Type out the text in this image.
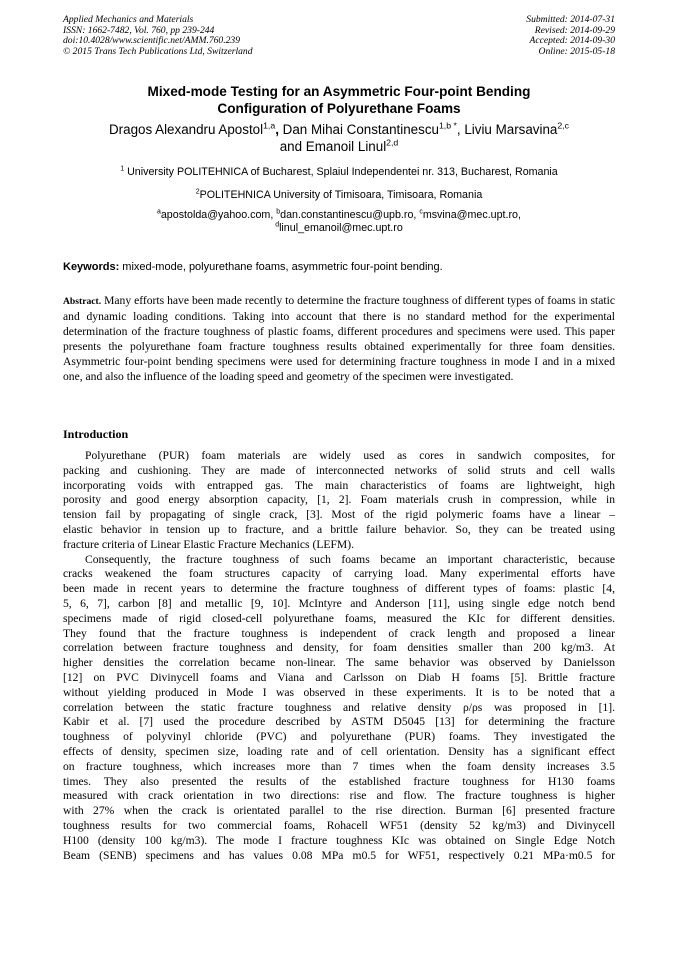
Applied Mechanics and Materials
ISSN: 1662-7482, Vol. 760, pp 239-244
doi:10.4028/www.scientific.net/AMM.760.239
© 2015 Trans Tech Publications Ltd, Switzerland
Submitted: 2014-07-31
Revised: 2014-09-29
Accepted: 2014-09-30
Online: 2015-05-18
Mixed-mode Testing for an Asymmetric Four-point Bending
Configuration of Polyurethane Foams
Dragos Alexandru Apostol$^{1,a}$, Dan Mihai Constantinescu$^{1,b *}$, Liviu Marsavina$^{2,c}$
and Emanoil Linul$^{2,d}$
$^1$ University POLITEHNICA of Bucharest, Splaiul Independentei nr. 313, Bucharest, Romania
$^2$POLITEHNICA University of Timisoara, Timisoara, Romania
$^a$apostolda@yahoo.com, $^b$dan.constantinescu@upb.ro, $^c$msvina@mec.upt.ro,
$^d$linul_emanoil@mec.upt.ro
Keywords: mixed-mode, polyurethane foams, asymmetric four-point bending.
Abstract. Many efforts have been made recently to determine the fracture toughness of different types of foams in static and dynamic loading conditions. Taking into account that there is no standard method for the experimental determination of the fracture toughness of plastic foams, different procedures and specimens were used. This paper presents the polyurethane foam fracture toughness results obtained experimentally for three foam densities. Asymmetric four-point bending specimens were used for determining fracture toughness in mode I and in a mixed one, and also the influence of the loading speed and geometry of the specimen were investigated.
Introduction
Polyurethane (PUR) foam materials are widely used as cores in sandwich composites, for
packing and cushioning. They are made of interconnected networks of solid struts and cell walls
incorporating voids with entrapped gas. The main characteristics of foams are lightweight, high
porosity and good energy absorption capacity, [1, 2]. Foam materials crush in compression, while in
tension fail by propagating of single crack, [3]. Most of the rigid polymeric foams have a linear –
elastic behavior in tension up to fracture, and a brittle failure behavior. So, they can be treated using
fracture criteria of Linear Elastic Fracture Mechanics (LEFM).
Consequently, the fracture toughness of such foams became an important characteristic, because
cracks weakened the foam structures capacity of carrying load. Many experimental efforts have
been made in recent years to determine the fracture toughness of different types of foams: plastic [4,
5, 6, 7], carbon [8] and metallic [9, 10]. McIntyre and Anderson [11], using single edge notch bend
specimens made of rigid closed-cell polyurethane foams, measured the KIc for different densities.
They found that the fracture toughness is independent of crack length and proposed a linear
correlation between fracture toughness and density, for foam densities smaller than 200 kg/m3. At
higher densities the correlation became non-linear. The same behavior was observed by Danielsson
[12] on PVC Divinycell foams and Viana and Carlsson on Diab H foams [5]. Brittle fracture
without yielding produced in Mode I was observed in these experiments. It is to be noted that a
correlation between the static fracture toughness and relative density ρ/ρs was proposed in [1].
Kabir et al. [7] used the procedure described by ASTM D5045 [13] for determining the fracture
toughness of polyvinyl chloride (PVC) and polyurethane (PUR) foams. They investigated the
effects of density, specimen size, loading rate and of cell orientation. Density has a significant effect
on fracture toughness, which increases more than 7 times when the foam density increases 3.5
times. They also presented the results of the established fracture toughness for H130 foams
measured with crack orientation in two directions: rise and flow. The fracture toughness is higher
with 27% when the crack is orientated parallel to the rise direction. Burman [6] presented fracture
toughness results for two commercial foams, Rohacell WF51 (density 52 kg/m3) and Divinycell
H100 (density 100 kg/m3). The mode I fracture toughness KIc was obtained on Single Edge Notch
Beam (SENB) specimens and has values 0.08 MPa m0.5 for WF51, respectively 0.21 MPa·m0.5 for
